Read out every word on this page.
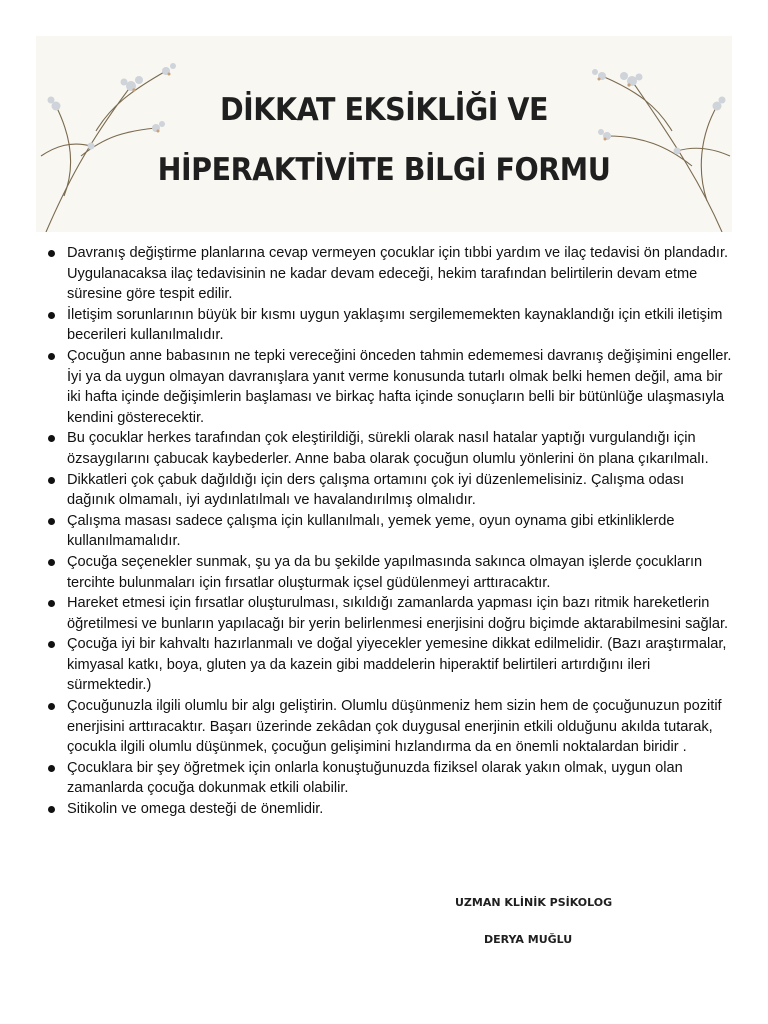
DİKKAT EKSİKLİĞİ VE
HİPERAKTİVİTE BİLGİ FORMU
Davranış değiştirme planlarına cevap vermeyen çocuklar için tıbbi yardım ve ilaç tedavisi ön plandadır. Uygulanacaksa ilaç tedavisinin ne kadar devam edeceği, hekim tarafından belirtilerin devam etme süresine göre tespit edilir.
İletişim sorunlarının büyük bir kısmı uygun yaklaşımı sergilememekten kaynaklandığı için etkili iletişim becerileri kullanılmalıdır.
Çocuğun anne babasının ne tepki vereceğini önceden tahmin edememesi davranış değişimini engeller. İyi ya da uygun olmayan davranışlara yanıt verme konusunda tutarlı olmak belki hemen değil, ama bir iki hafta içinde değişimlerin başlaması ve birkaç hafta içinde sonuçların belli bir bütünlüğe ulaşmasıyla kendini gösterecektir.
Bu çocuklar herkes tarafından çok eleştirildiği, sürekli olarak nasıl hatalar yaptığı vurgulandığı için özsaygılarını çabucak kaybederler. Anne baba olarak çocuğun olumlu yönlerini ön plana çıkarılmalı.
Dikkatleri çok çabuk dağıldığı için ders çalışma ortamını çok iyi düzenlemelisiniz. Çalışma odası dağınık olmamalı, iyi aydınlatılmalı ve havalandırılmış olmalıdır.
Çalışma masası sadece çalışma için kullanılmalı, yemek yeme, oyun oynama gibi etkinliklerde kullanılmamalıdır.
Çocuğa seçenekler sunmak, şu ya da bu şekilde yapılmasında sakınca olmayan işlerde çocukların tercihte bulunmaları için fırsatlar oluşturmak içsel güdülenmeyi arttıracaktır.
Hareket etmesi için fırsatlar oluşturulması, sıkıldığı zamanlarda yapması için bazı ritmik hareketlerin öğretilmesi ve bunların yapılacağı bir yerin belirlenmesi enerjisini doğru biçimde aktarabilmesini sağlar.
Çocuğa iyi bir kahvaltı hazırlanmalı ve doğal yiyecekler yemesine dikkat edilmelidir. (Bazı araştırmalar, kimyasal katkı, boya, gluten ya da kazein gibi maddelerin hiperaktif belirtileri artırdığını ileri sürmektedir.)
Çocuğunuzla ilgili olumlu bir algı geliştirin. Olumlu düşünmeniz hem sizin hem de çocuğunuzun pozitif enerjisini arttıracaktır. Başarı üzerinde zekâdan çok duygusal enerjinin etkili olduğunu akılda tutarak, çocukla ilgili olumlu düşünmek, çocuğun gelişimini hızlandırma da en önemli noktalardan biridir .
Çocuklara bir şey öğretmek için onlarla konuştuğunuzda fiziksel olarak yakın olmak, uygun olan zamanlarda çocuğa dokunmak etkili olabilir.
Sitikolin ve omega desteği de önemlidir.
UZMAN KLİNİK PSİKOLOG
DERYA MUĞLU
